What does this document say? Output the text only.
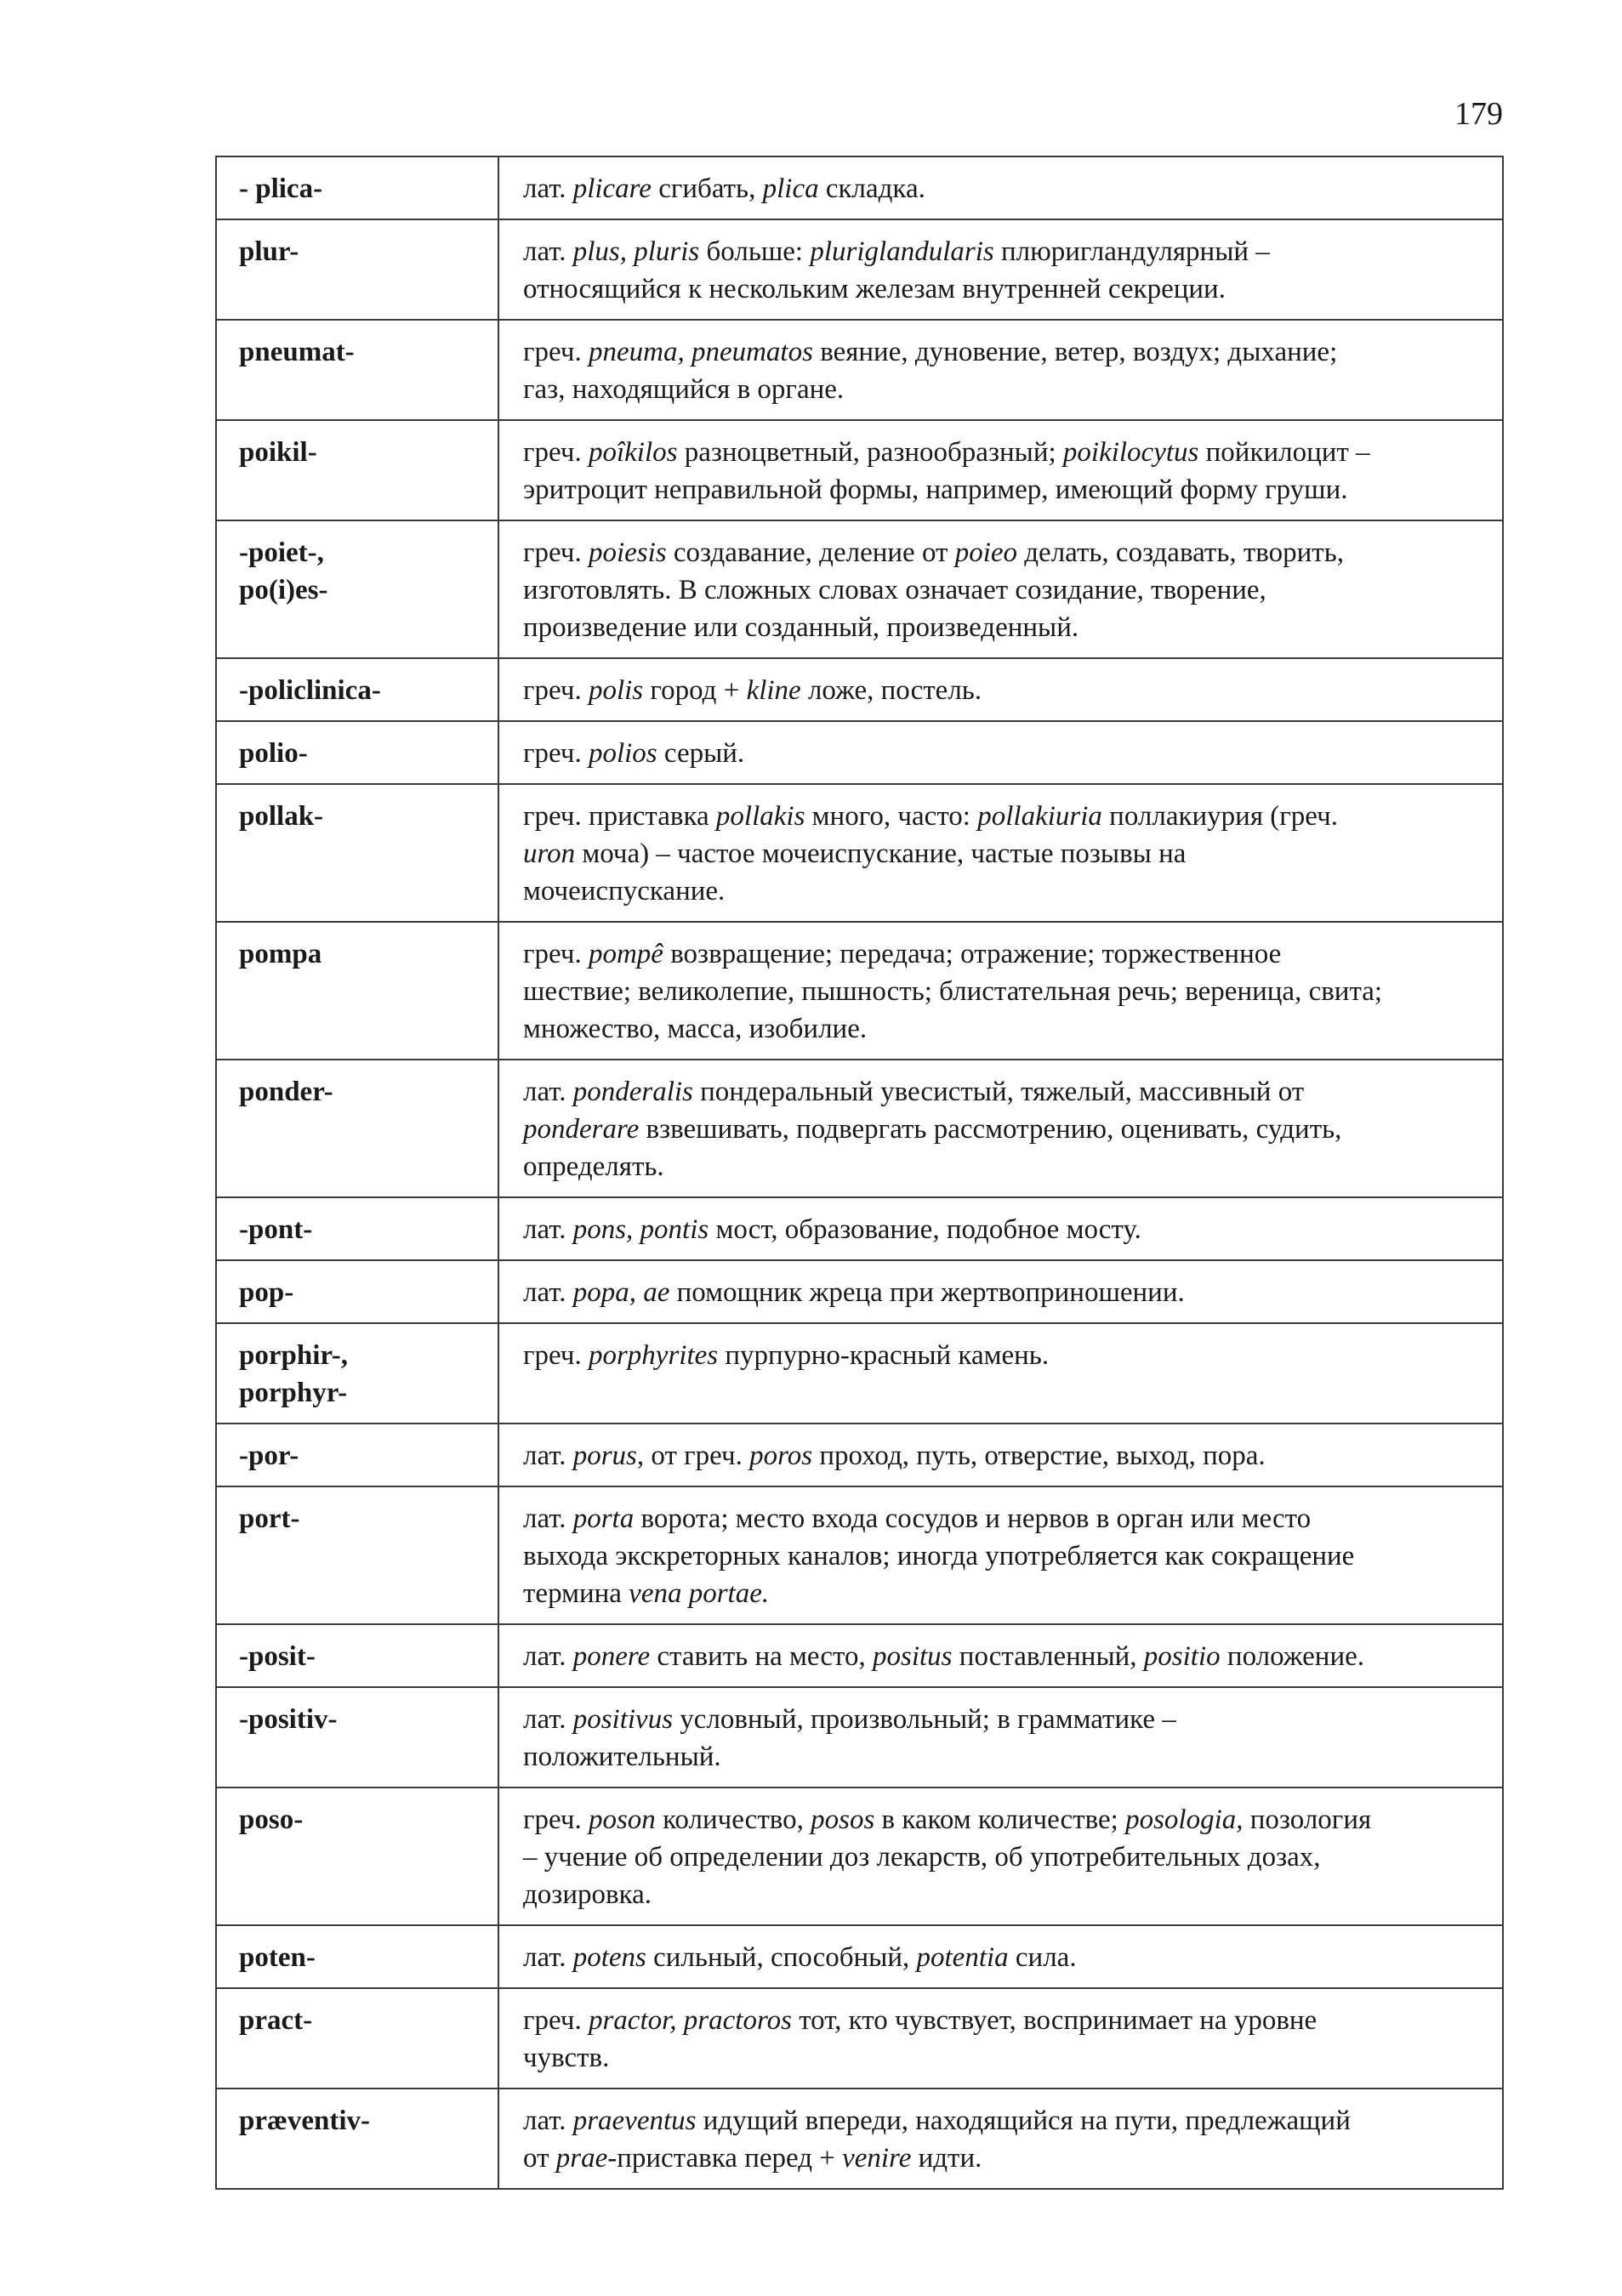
179
- plica-	лат. plicare сгибать, plica складка.
plur-	лат. plus, pluris больше: pluriglandularis плюригландулярный –
относящийся к нескольким железам внутренней секреции.
pneumat-	греч. pneuma, pneumatos веяние, дуновение, ветер, воздух; дыхание;
газ, находящийся в органе.
poikil-	греч. poîkilos разноцветный, разнообразный; poikilocytus пойкилоцит –
эритроцит неправильной формы, например, имеющий форму груши.
-poiet-,
po(i)es-	греч. poiesis создавание, деление от poieo делать, создавать, творить,
изготовлять. В сложных словах означает созидание, творение,
произведение или созданный, произведенный.
-policlinica-	греч. polis город + kline ложе, постель.
polio-	греч. polios серый.
pollak-	греч. приставка pollakis много, часто: pollakiuria поллакиурия (греч.
uron моча) – частое мочеиспускание, частые позывы на
мочеиспускание.
pompa	греч. pompê возвращение; передача; отражение; торжественное
шествие; великолепие, пышность; блистательная речь; вереница, свита;
множество, масса, изобилие.
ponder-	лат. ponderalis пондеральный увесистый, тяжелый, массивный от
ponderare взвешивать, подвергать рассмотрению, оценивать, судить,
определять.
-pont-	лат. pons, pontis мост, образование, подобное мосту.
pop-	лат. popa, ae помощник жреца при жертвоприношении.
porphir-,
porphyr-	греч. porphyrites пурпурно-красный камень.

-por-	лат. porus, от греч. poros проход, путь, отверстие, выход, пора.
port-	лат. porta ворота; место входа сосудов и нервов в орган или место
выхода экскреторных каналов; иногда употребляется как сокращение
термина vena portae.
-posit-	лат. ponere ставить на место, positus поставленный, positio положение.
-positiv-	лат. positivus условный, произвольный; в грамматике –
положительный.
poso-	греч. poson количество, posos в каком количестве; posologia, позология
– учение об определении доз лекарств, об употребительных дозах,
дозировка.
poten-	лат. potens сильный, способный, potentia сила.
pract-	греч. practor, practoros тот, кто чувствует, воспринимает на уровне
чувств.
præventiv-	лат. praeventus идущий впереди, находящийся на пути, предлежащий
от prae-приставка перед + venire идти.
